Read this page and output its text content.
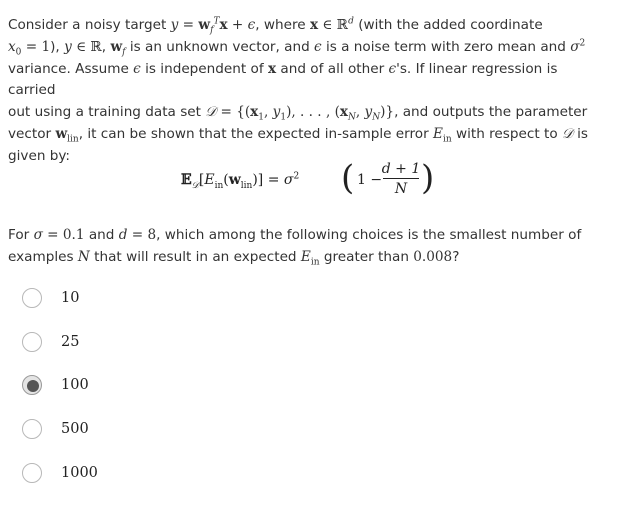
Consider a noisy target $y = w_f^Tx + \epsilon$, where x ∈ ℝ$^d$ (with the added coordinate
$x_0 = 1$), y ∈ ℝ, $w_f$ is an unknown vector, and ϵ is a noise term with zero mean and $\sigma^2$
variance. Assume ϵ is independent of x and of all other ϵ's. If linear regression is carried
out using a training data set 𝒟 = {($x_1$, $y_1$), . . . , ($x_N$, $y_N$)}, and outputs the parameter
vector $w_{lin}$, it can be shown that the expected in-sample error $E_{in}$ with respect to 𝒟 is
given by:
$𝔼_𝒟[E_{in}(w_{lin})] = \sigma^2$ ( 1 −
d + 1
N )
For σ = 0.1 and d = 8, which among the following choices is the smallest number of
examples N that will result in an expected $E_{in}$ greater than 0.008?
10
25
100
500
1000
